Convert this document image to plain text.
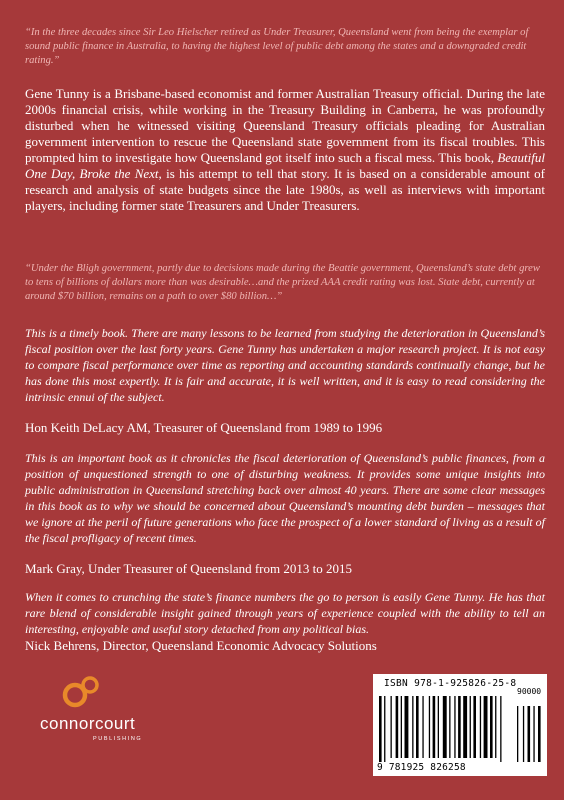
“In the three decades since Sir Leo Hielscher retired as Under Treasurer, Queensland went from being the exemplar of sound public finance in Australia, to having the highest level of public debt among the states and a downgraded credit rating.”

Gene Tunny is a Brisbane-based economist and former Australian Treasury official. During the late 2000s financial crisis, while working in the Treasury Building in Canberra, he was profoundly disturbed when he witnessed visiting Queensland Treasury officials pleading for Australian government intervention to rescue the Queensland state government from its fiscal troubles. This prompted him to investigate how Queensland got itself into such a fiscal mess. This book, Beautiful One Day, Broke the Next, is his attempt to tell that story. It is based on a considerable amount of research and analysis of state budgets since the late 1980s, as well as interviews with important players, including former state Treasurers and Under Treasurers.

“Under the Bligh government, partly due to decisions made during the Beattie government, Queensland’s state debt grew to tens of billions of dollars more than was desirable…and the prized AAA credit rating was lost. State debt, currently at around $70 billion, remains on a path to over $80 billion…”

This is a timely book. There are many lessons to be learned from studying the deterioration in Queensland’s fiscal position over the last forty years. Gene Tunny has undertaken a major research project. It is not easy to compare fiscal performance over time as reporting and accounting standards continually change, but he has done this most expertly. It is fair and accurate, it is well written, and it is easy to read considering the intrinsic ennui of the subject.

Hon Keith DeLacy AM, Treasurer of Queensland from 1989 to 1996

This is an important book as it chronicles the fiscal deterioration of Queensland’s public finances, from a position of unquestioned strength to one of disturbing weakness. It provides some unique insights into public administration in Queensland stretching back over almost 40 years. There are some clear messages in this book as to why we should be concerned about Queensland’s mounting debt burden – messages that we ignore at the peril of future generations who face the prospect of a lower standard of living as a result of the fiscal profligacy of recent times.

Mark Gray, Under Treasurer of Queensland from 2013 to 2015

When it comes to crunching the state’s finance numbers the go to person is easily Gene Tunny. He has that rare blend of considerable insight gained through years of experience coupled with the ability to tell an interesting, enjoyable and useful story detached from any political bias.

Nick Behrens, Director, Queensland Economic Advocacy Solutions

connorcourt
PUBLISHING
ISBN 978-1-925826-25-8
90000
9 781925 826258
